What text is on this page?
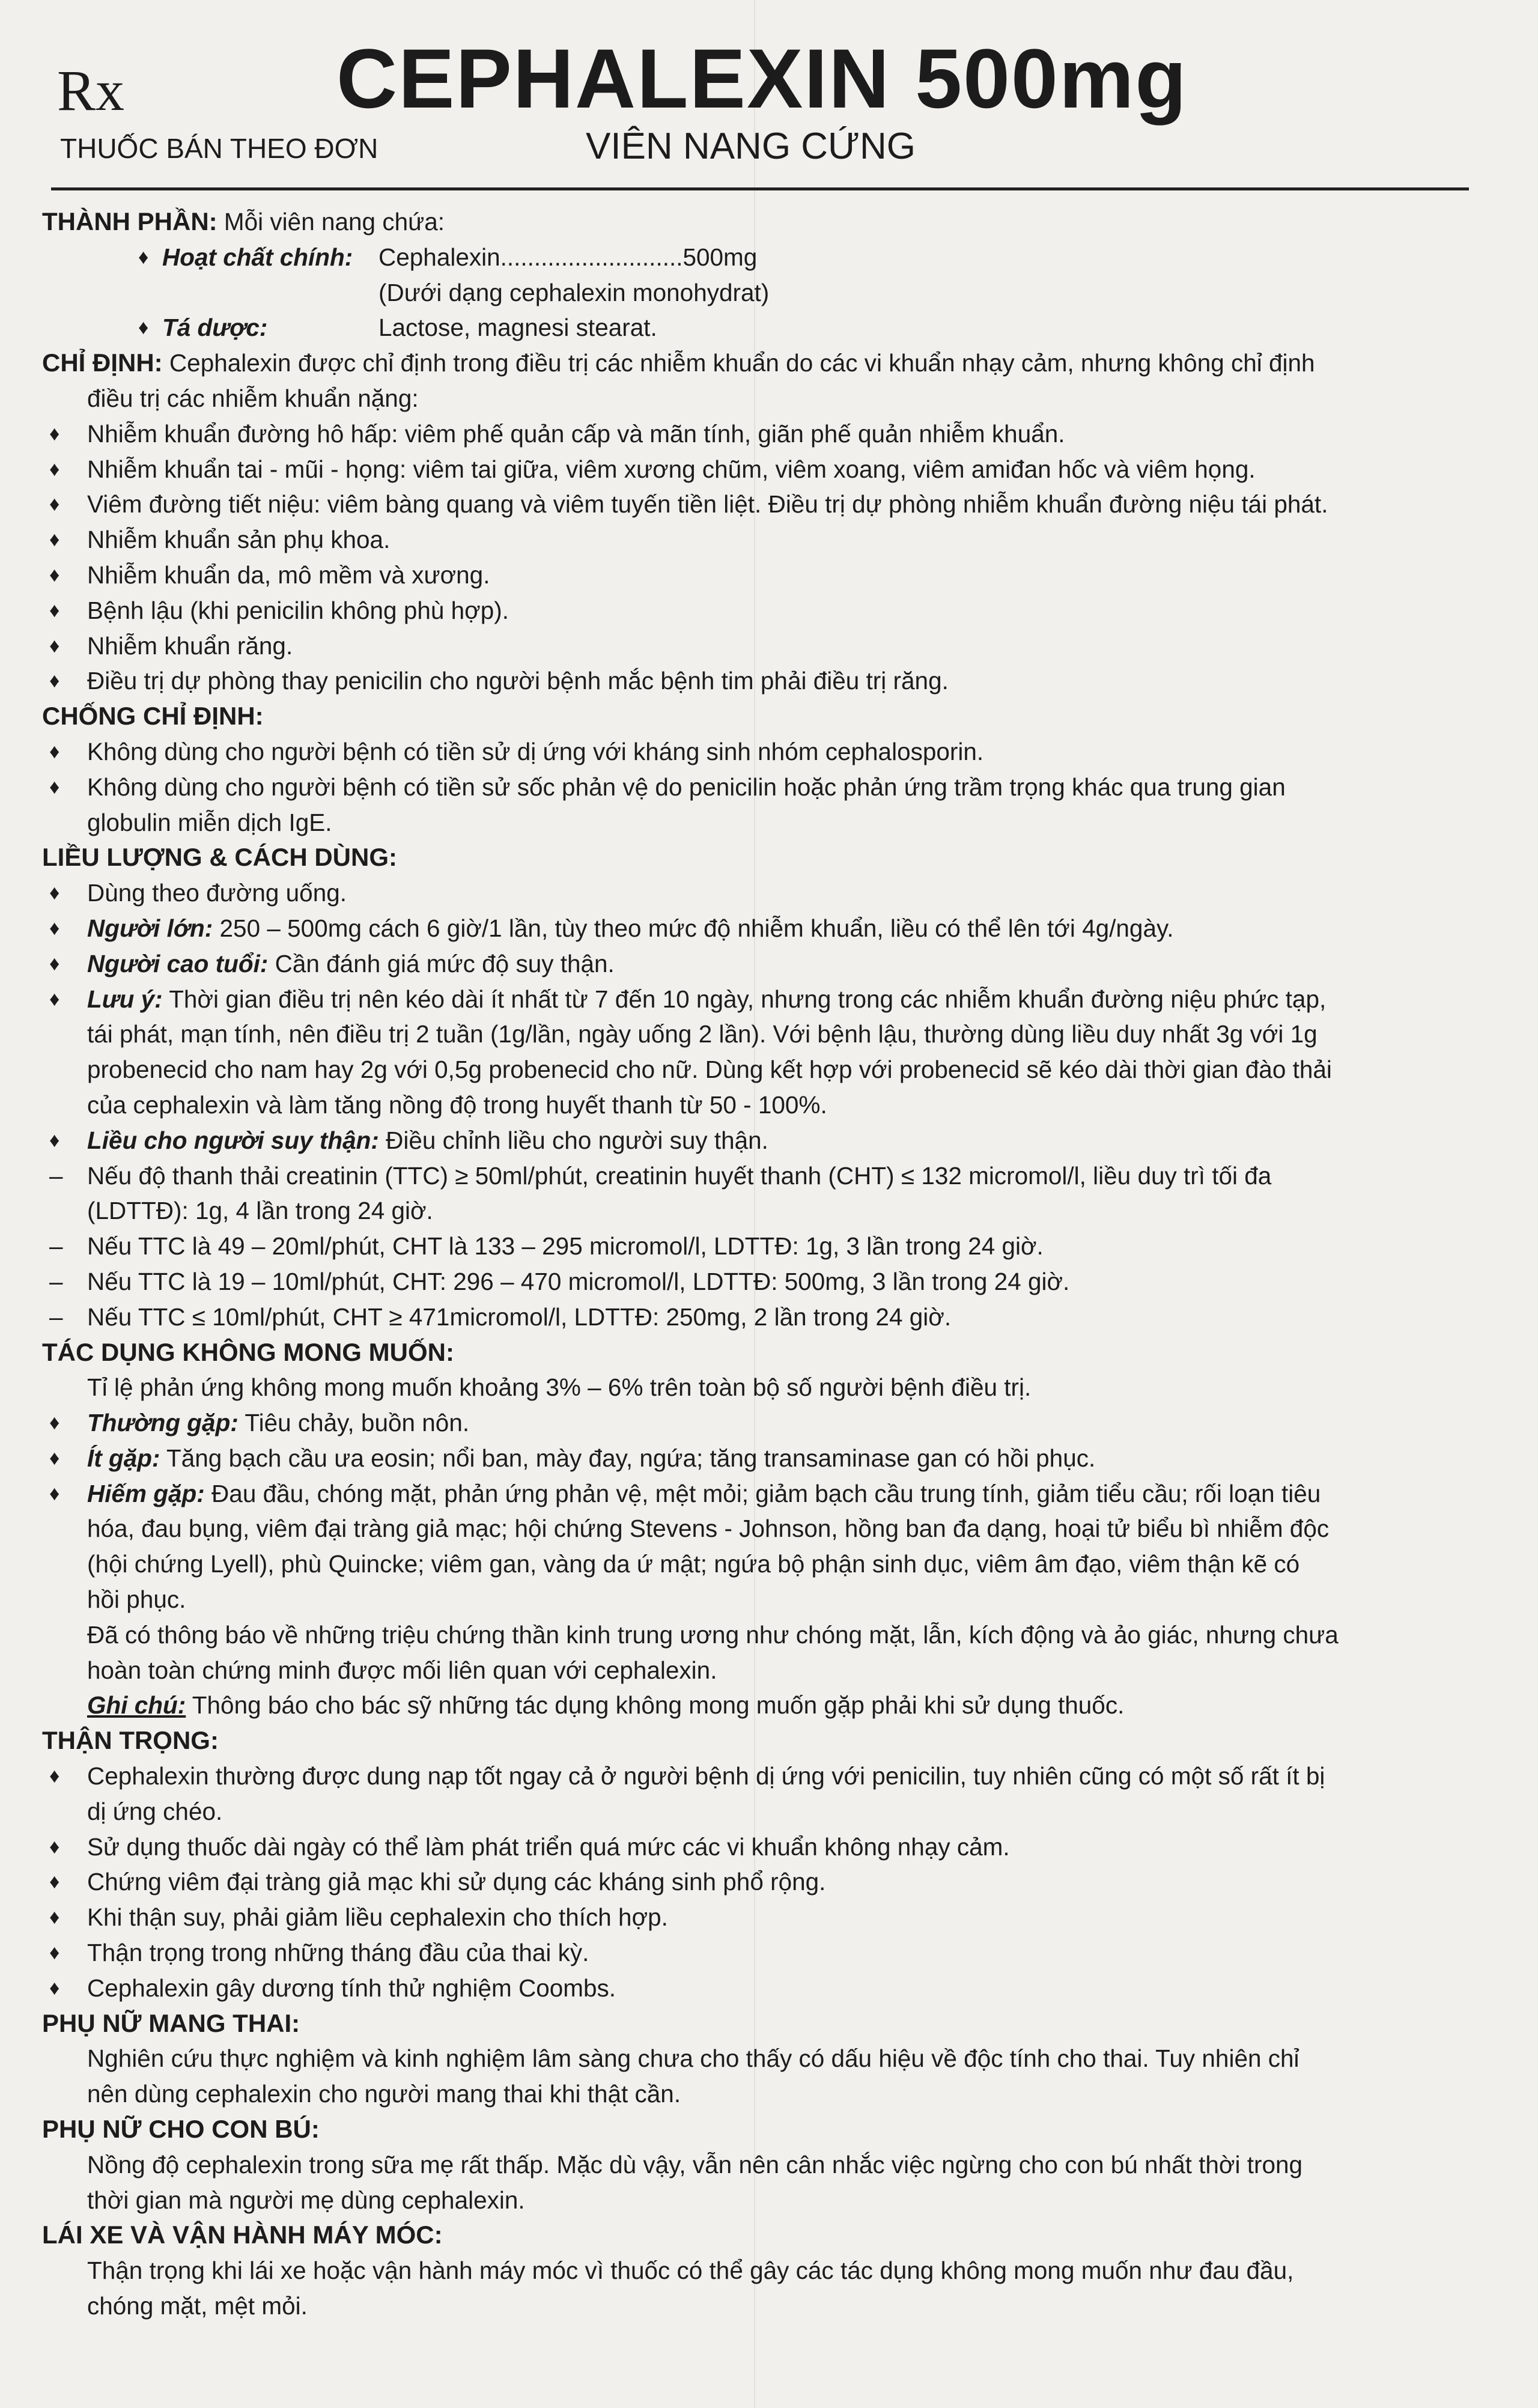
Rx
THUỐC BÁN THEO ĐƠN
CEPHALEXIN 500mg
VIÊN NANG CỨNG
THÀNH PHẦN: Mỗi viên nang chứa:
♦ Hoạt chất chính:	Cephalexin...........................500mg
(Dưới dạng cephalexin monohydrat)
♦ Tá dược:	Lactose, magnesi stearat.
CHỈ ĐỊNH: Cephalexin được chỉ định trong điều trị các nhiễm khuẩn do các vi khuẩn nhạy cảm, nhưng không chỉ định
điều trị các nhiễm khuẩn nặng:
♦ Nhiễm khuẩn đường hô hấp: viêm phế quản cấp và mãn tính, giãn phế quản nhiễm khuẩn.
♦ Nhiễm khuẩn tai - mũi - họng: viêm tai giữa, viêm xương chũm, viêm xoang, viêm amiđan hốc và viêm họng.
♦ Viêm đường tiết niệu: viêm bàng quang và viêm tuyến tiền liệt. Điều trị dự phòng nhiễm khuẩn đường niệu tái phát.
♦ Nhiễm khuẩn sản phụ khoa.
♦ Nhiễm khuẩn da, mô mềm và xương.
♦ Bệnh lậu (khi penicilin không phù hợp).
♦ Nhiễm khuẩn răng.
♦ Điều trị dự phòng thay penicilin cho người bệnh mắc bệnh tim phải điều trị răng.
CHỐNG CHỈ ĐỊNH:
♦ Không dùng cho người bệnh có tiền sử dị ứng với kháng sinh nhóm cephalosporin.
♦ Không dùng cho người bệnh có tiền sử sốc phản vệ do penicilin hoặc phản ứng trầm trọng khác qua trung gian
globulin miễn dịch IgE.
LIỀU LƯỢNG & CÁCH DÙNG:
♦ Dùng theo đường uống.
♦ Người lớn: 250 – 500mg cách 6 giờ/1 lần, tùy theo mức độ nhiễm khuẩn, liều có thể lên tới 4g/ngày.
♦ Người cao tuổi: Cần đánh giá mức độ suy thận.
♦ Lưu ý: Thời gian điều trị nên kéo dài ít nhất từ 7 đến 10 ngày, nhưng trong các nhiễm khuẩn đường niệu phức tạp,
tái phát, mạn tính, nên điều trị 2 tuần (1g/lần, ngày uống 2 lần). Với bệnh lậu, thường dùng liều duy nhất 3g với 1g
probenecid cho nam hay 2g với 0,5g probenecid cho nữ. Dùng kết hợp với probenecid sẽ kéo dài thời gian đào thải
của cephalexin và làm tăng nồng độ trong huyết thanh từ 50 - 100%.
♦ Liều cho người suy thận: Điều chỉnh liều cho người suy thận.
– Nếu độ thanh thải creatinin (TTC) ≥ 50ml/phút, creatinin huyết thanh (CHT) ≤ 132 micromol/l, liều duy trì tối đa
(LDTTĐ): 1g, 4 lần trong 24 giờ.
– Nếu TTC là 49 – 20ml/phút, CHT là 133 – 295 micromol/l, LDTTĐ: 1g, 3 lần trong 24 giờ.
– Nếu TTC là 19 – 10ml/phút, CHT: 296 – 470 micromol/l, LDTTĐ: 500mg, 3 lần trong 24 giờ.
– Nếu TTC ≤ 10ml/phút, CHT ≥ 471micromol/l, LDTTĐ: 250mg, 2 lần trong 24 giờ.
TÁC DỤNG KHÔNG MONG MUỐN:
Tỉ lệ phản ứng không mong muốn khoảng 3% – 6% trên toàn bộ số người bệnh điều trị.
♦ Thường gặp: Tiêu chảy, buồn nôn.
♦ Ít gặp: Tăng bạch cầu ưa eosin; nổi ban, mày đay, ngứa; tăng transaminase gan có hồi phục.
♦ Hiếm gặp: Đau đầu, chóng mặt, phản ứng phản vệ, mệt mỏi; giảm bạch cầu trung tính, giảm tiểu cầu; rối loạn tiêu
hóa, đau bụng, viêm đại tràng giả mạc; hội chứng Stevens - Johnson, hồng ban đa dạng, hoại tử biểu bì nhiễm độc
(hội chứng Lyell), phù Quincke; viêm gan, vàng da ứ mật; ngứa bộ phận sinh dục, viêm âm đạo, viêm thận kẽ có
hồi phục.
Đã có thông báo về những triệu chứng thần kinh trung ương như chóng mặt, lẫn, kích động và ảo giác, nhưng chưa
hoàn toàn chứng minh được mối liên quan với cephalexin.
Ghi chú: Thông báo cho bác sỹ những tác dụng không mong muốn gặp phải khi sử dụng thuốc.
THẬN TRỌNG:
♦ Cephalexin thường được dung nạp tốt ngay cả ở người bệnh dị ứng với penicilin, tuy nhiên cũng có một số rất ít bị
dị ứng chéo.
♦ Sử dụng thuốc dài ngày có thể làm phát triển quá mức các vi khuẩn không nhạy cảm.
♦ Chứng viêm đại tràng giả mạc khi sử dụng các kháng sinh phổ rộng.
♦ Khi thận suy, phải giảm liều cephalexin cho thích hợp.
♦ Thận trọng trong những tháng đầu của thai kỳ.
♦ Cephalexin gây dương tính thử nghiệm Coombs.
PHỤ NỮ MANG THAI:
Nghiên cứu thực nghiệm và kinh nghiệm lâm sàng chưa cho thấy có dấu hiệu về độc tính cho thai. Tuy nhiên chỉ
nên dùng cephalexin cho người mang thai khi thật cần.
PHỤ NỮ CHO CON BÚ:
Nồng độ cephalexin trong sữa mẹ rất thấp. Mặc dù vậy, vẫn nên cân nhắc việc ngừng cho con bú nhất thời trong
thời gian mà người mẹ dùng cephalexin.
LÁI XE VÀ VẬN HÀNH MÁY MÓC:
Thận trọng khi lái xe hoặc vận hành máy móc vì thuốc có thể gây các tác dụng không mong muốn như đau đầu,
chóng mặt, mệt mỏi.
